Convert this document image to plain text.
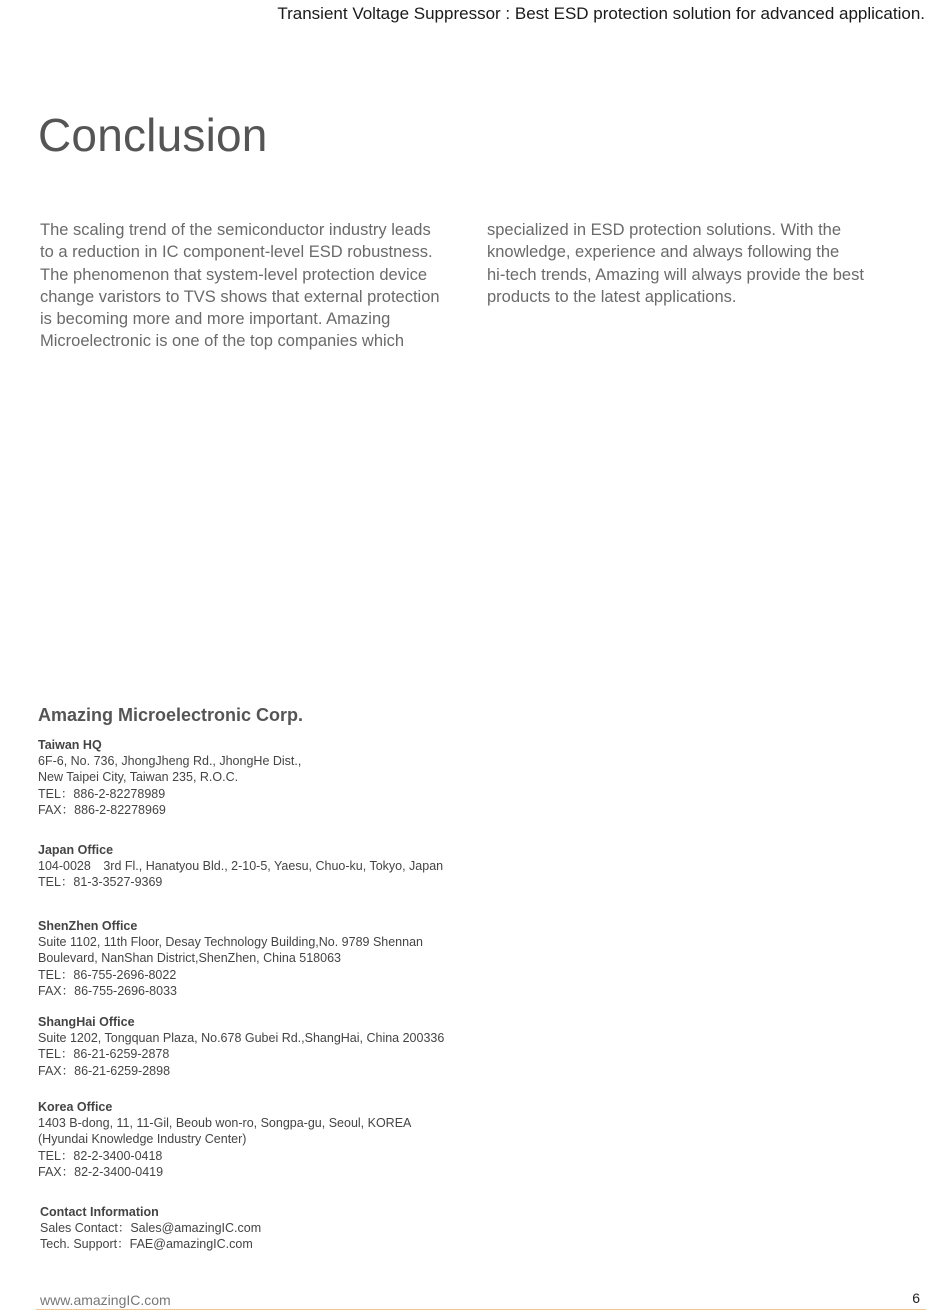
Transient Voltage Suppressor : Best ESD protection solution for advanced application.
Conclusion
The scaling trend of the semiconductor industry leads
to a reduction in IC component-level ESD robustness.
The phenomenon that system-level protection device
change varistors to TVS shows that external protection
is becoming more and more important. Amazing
Microelectronic is one of the top companies which
specialized in ESD protection solutions. With the
knowledge, experience and always following the
hi-tech trends, Amazing will always provide the best
products to the latest applications.
Amazing Microelectronic Corp.
Taiwan HQ
6F-6, No. 736, JhongJheng Rd., JhongHe Dist.,
New Taipei City, Taiwan 235, R.O.C.
TEL：886-2-82278989
FAX：886-2-82278969
Japan Office
104-0028　3rd Fl., Hanatyou Bld., 2-10-5, Yaesu, Chuo-ku, Tokyo, Japan
TEL：81-3-3527-9369
ShenZhen Office
Suite 1102, 11th Floor, Desay Technology Building,No. 9789 Shennan
Boulevard, NanShan District,ShenZhen, China 518063
TEL：86-755-2696-8022
FAX：86-755-2696-8033
ShangHai Office
Suite 1202, Tongquan Plaza, No.678 Gubei Rd.,ShangHai, China 200336
TEL：86-21-6259-2878
FAX：86-21-6259-2898
Korea Office
1403 B-dong, 11, 11-Gil, Beoub won-ro, Songpa-gu, Seoul, KOREA
(Hyundai Knowledge Industry Center)
TEL：82-2-3400-0418
FAX：82-2-3400-0419
Contact Information
Sales Contact：Sales@amazingIC.com
Tech. Support：FAE@amazingIC.com
www.amazingIC.com	6
